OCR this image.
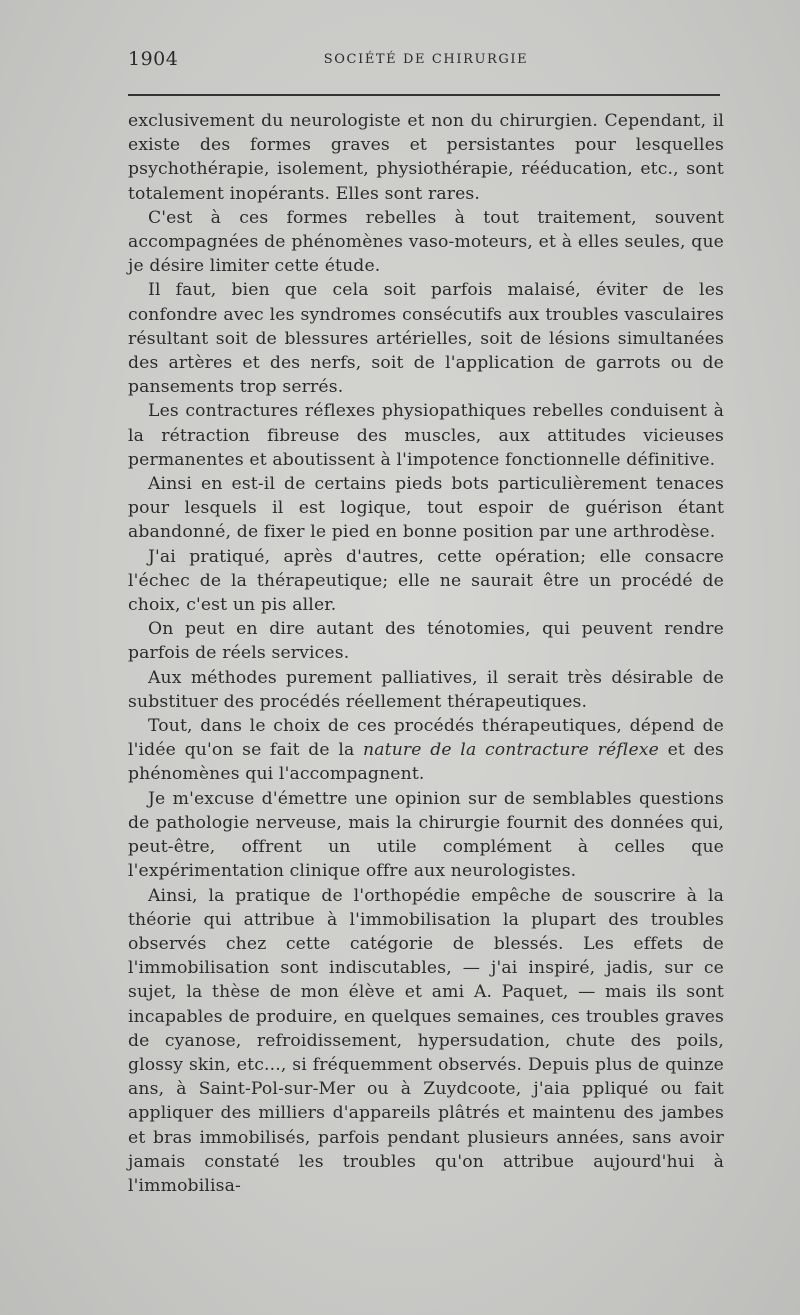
1904	SOCIÉTÉ DE CHIRURGIE

exclusivement du neurologiste et non du chirurgien. Cependant, il existe des formes graves et persistantes pour lesquelles psychothérapie, isolement, physiothérapie, rééducation, etc., sont totalement inopérants. Elles sont rares.

C'est à ces formes rebelles à tout traitement, souvent accompagnées de phénomènes vaso-moteurs, et à elles seules, que je désire limiter cette étude.

Il faut, bien que cela soit parfois malaisé, éviter de les confondre avec les syndromes consécutifs aux troubles vasculaires résultant soit de blessures artérielles, soit de lésions simultanées des artères et des nerfs, soit de l'application de garrots ou de pansements trop serrés.

Les contractures réflexes physiopathiques rebelles conduisent à la rétraction fibreuse des muscles, aux attitudes vicieuses permanentes et aboutissent à l'impotence fonctionnelle définitive.

Ainsi en est-il de certains pieds bots particulièrement tenaces pour lesquels il est logique, tout espoir de guérison étant abandonné, de fixer le pied en bonne position par une arthrodèse.

J'ai pratiqué, après d'autres, cette opération; elle consacre l'échec de la thérapeutique; elle ne saurait être un procédé de choix, c'est un pis aller.

On peut en dire autant des ténotomies, qui peuvent rendre parfois de réels services.

Aux méthodes purement palliatives, il serait très désirable de substituer des procédés réellement thérapeutiques.

Tout, dans le choix de ces procédés thérapeutiques, dépend de l'idée qu'on se fait de la nature de la contracture réflexe et des phénomènes qui l'accompagnent.

Je m'excuse d'émettre une opinion sur de semblables questions de pathologie nerveuse, mais la chirurgie fournit des données qui, peut-être, offrent un utile complément à celles que l'expérimentation clinique offre aux neurologistes.

Ainsi, la pratique de l'orthopédie empêche de souscrire à la théorie qui attribue à l'immobilisation la plupart des troubles observés chez cette catégorie de blessés. Les effets de l'immobilisation sont indiscutables, — j'ai inspiré, jadis, sur ce sujet, la thèse de mon élève et ami A. Paquet, — mais ils sont incapables de produire, en quelques semaines, ces troubles graves de cyanose, refroidissement, hypersudation, chute des poils, glossy skin, etc..., si fréquemment observés. Depuis plus de quinze ans, à Saint-Pol-sur-Mer ou à Zuydcoote, j'aia ppliqué ou fait appliquer des milliers d'appareils plâtrés et maintenu des jambes et bras immobilisés, parfois pendant plusieurs années, sans avoir jamais constaté les troubles qu'on attribue aujourd'hui à l'immobilisa-
